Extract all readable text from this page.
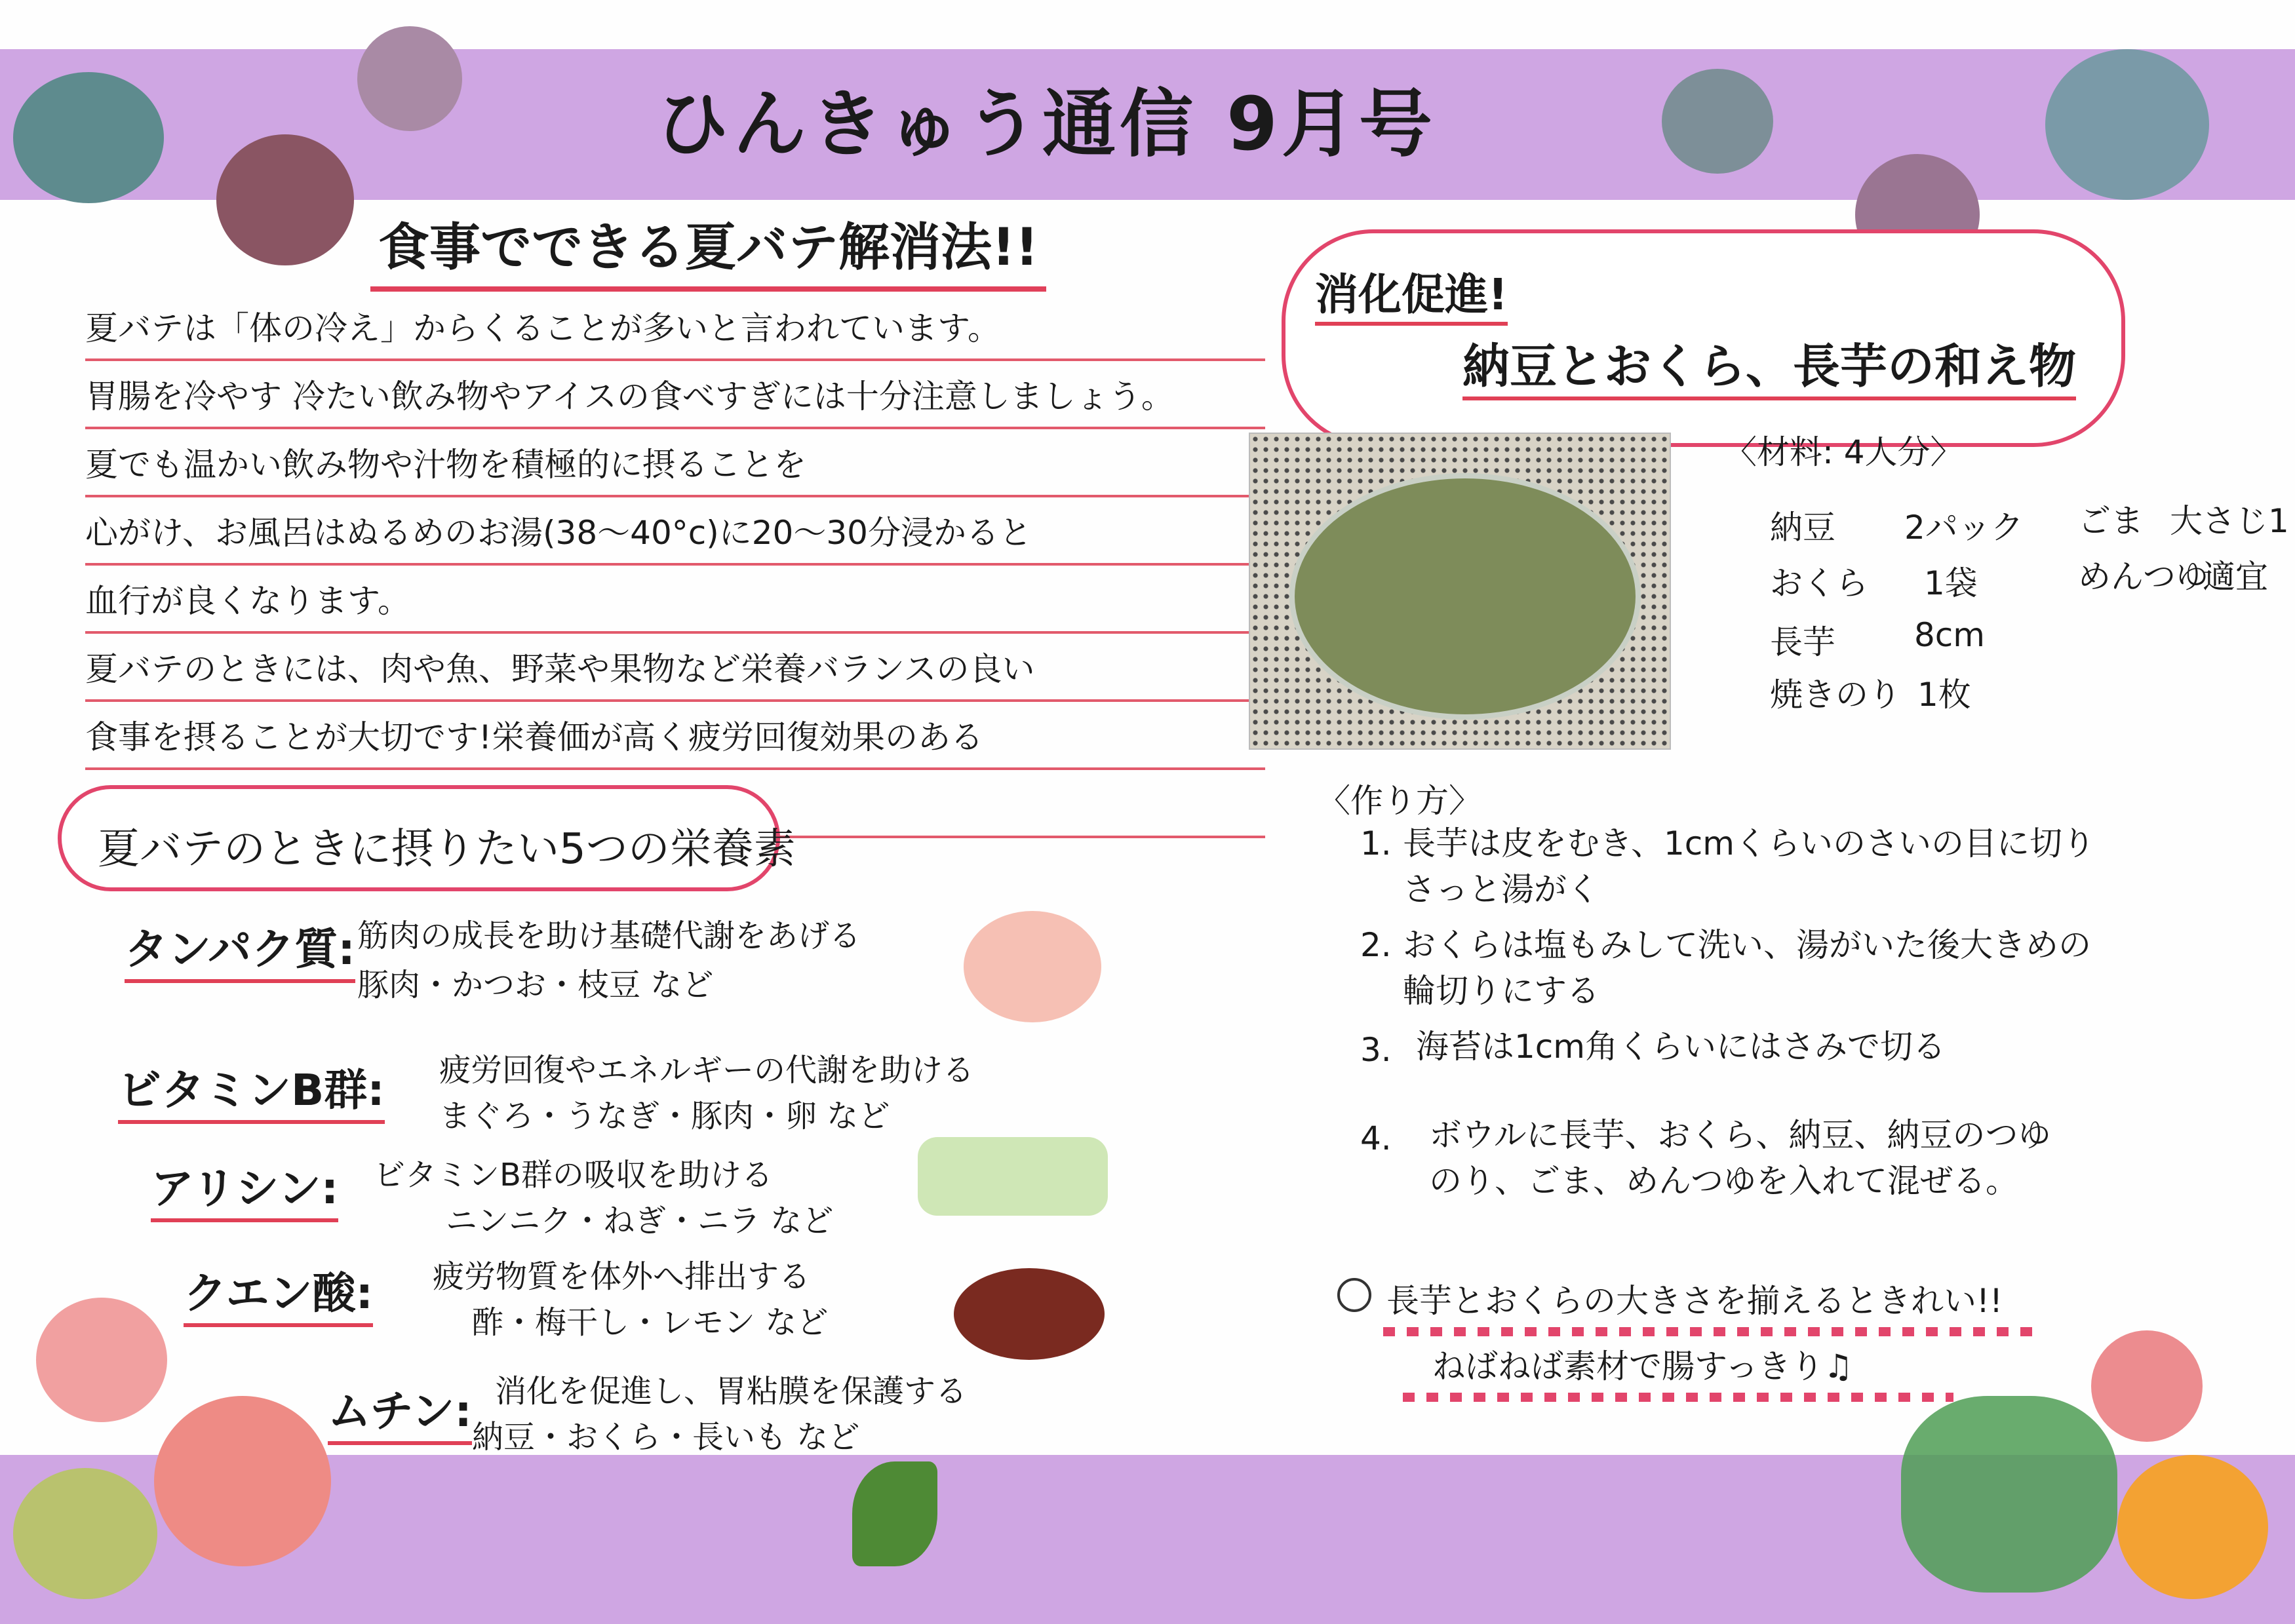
ひんきゅう通信 9月号
食事でできる夏バテ解消法!!
夏バテは「体の冷え」からくることが多いと言われています。
胃腸を冷やす 冷たい飲み物やアイスの食べすぎには十分注意しましょう。
夏でも温かい飲み物や汁物を積極的に摂ることを
心がけ、お風呂はぬるめのお湯(38〜40°c)に20〜30分浸かると
血行が良くなります。
夏バテのときには、肉や魚、野菜や果物など栄養バランスの良い
食事を摂ることが大切です!栄養価が高く疲労回復効果のある
夏バテのときに摂りたい5つの栄養素
タンパク質: 筋肉の成長を助け基礎代謝をあげる
豚肉・かつお・枝豆 など
ビタミンB群: 疲労回復やエネルギーの代謝を助ける
まぐろ・うなぎ・豚肉・卵 など
アリシン: ビタミンB群の吸収を助ける
ニンニク・ねぎ・ニラ など
クエン酸: 疲労物質を体外へ排出する
酢・梅干し・レモン など
ムチン: 消化を促進し、胃粘膜を保護する
納豆・おくら・長いも など
消化促進!
納豆とおくら、長芋の和え物
〈材料: 4人分〉
納豆 2パック
おくら 1袋
長芋 8cm
焼きのり 1枚
ごま 大さじ1
めんつゆ
適宜
〈作り方〉
1. 長芋は皮をむき、1cmくらいのさいの目に切り
さっと湯がく
2. おくらは塩もみして洗い、湯がいた後大きめの
輪切りにする
3. 海苔は1cm角くらいにはさみで切る
4. ボウルに長芋、おくら、納豆、納豆のつゆ
のり、ごま、めんつゆを入れて混ぜる。
長芋とおくらの大きさを揃えるときれい!!
ねばねば素材で腸すっきり♫
